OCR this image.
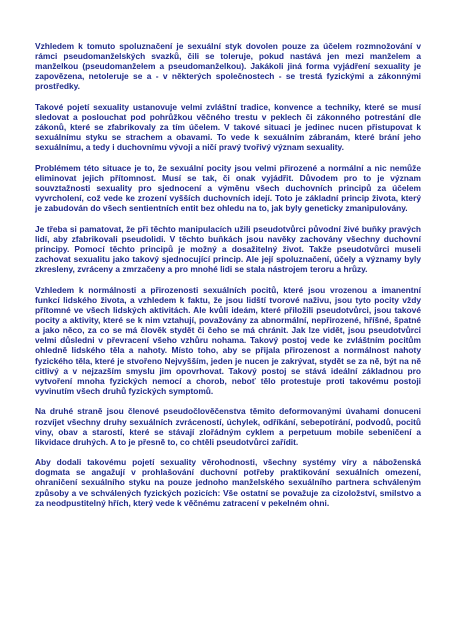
Vzhledem k tomuto spoluznačení je sexuální styk dovolen pouze za účelem rozmnožování v rámci pseudomanželských svazků, čili se toleruje, pokud nastává jen mezi manželem a manželkou (pseudomanželem a pseudomanželkou). Jakákoli jiná forma vyjádření sexuality je zapovězena, netoleruje se a - v některých společnostech - se trestá fyzickými a zákonnými prostředky.

Takové pojetí sexuality ustanovuje velmi zvláštní tradice, konvence a techniky, které se musí sledovat a poslouchat pod pohrůžkou věčného trestu v peklech či zákonného potrestání dle zákonů, které se zfabrikovaly za tím účelem. V takové situaci je jedinec nucen přistupovat k sexuálnímu styku se strachem a obavami. To vede k sexuálním zábranám, které brání jeho sexuálnímu, a tedy i duchovnímu vývoji a ničí pravý tvořivý význam sexuality.

Problémem této situace je to, že sexuální pocity jsou velmi přirozené a normální a nic nemůže eliminovat jejich přítomnost. Musí se tak, či onak vyjádřit. Důvodem pro to je význam souvztažnosti sexuality pro sjednocení a výměnu všech duchovních principů za účelem vyvrcholení, což vede ke zrození vyšších duchovních idejí. Toto je základní princip života, který je zabudován do všech sentientních entit bez ohledu na to, jak byly geneticky zmanipulovány.

Je třeba si pamatovat, že při těchto manipulacích užili pseudotvůrci původní živé buňky pravých lidí, aby zfabrikovali pseudolidi. V těchto buňkách jsou navěky zachovány všechny duchovní principy. Pomocí těchto principů je možný a dosažitelný život. Takže pseudotvůrci museli zachovat sexualitu jako takový sjednocující princip. Ale její spoluznačení, účely a významy byly zkresleny, zvráceny a zmrzačeny a pro mnohé lidi se stala nástrojem teroru a hrůzy.

Vzhledem k normálnosti a přirozenosti sexuálních pocitů, které jsou vrozenou a imanentní funkcí lidského života, a vzhledem k faktu, že jsou lidští tvorové naživu, jsou tyto pocity vždy přítomné ve všech lidských aktivitách. Ale kvůli ideám, které přiložili pseudotvůrci, jsou takové pocity a aktivity, které se k nim vztahují, považovány za abnormální, nepřirozené, hříšné, špatné a jako něco, za co se má člověk stydět či čeho se má chránit. Jak lze vidět, jsou pseudotvůrci velmi důsledni v převracení všeho vzhůru nohama. Takový postoj vede ke zvláštním pocitům ohledně lidského těla a nahoty. Místo toho, aby se přijala přirozenost a normálnost nahoty fyzického těla, které je stvořeno Nejvyšším, jeden je nucen je zakrývat, stydět se za ně, být na ně citlivý a v nejzazším smyslu jim opovrhovat. Takový postoj se stává ideální základnou pro vytvoření mnoha fyzických nemocí a chorob, neboť tělo protestuje proti takovému postoji vyvinutím všech druhů fyzických symptomů.

Na druhé straně jsou členové pseudočlověčenstva těmito deformovanými úvahami donuceni rozvíjet všechny druhy sexuálních zvráceností, úchylek, odříkání, sebepotírání, podvodů, pocitů viny, obav a starostí, které se stávají zlořádným cyklem a perpetuum mobile sebeničení a likvidace druhých. A to je přesně to, co chtěli pseudotvůrci zařídit.

Aby dodali takovému pojetí sexuality věrohodnosti, všechny systémy víry a náboženská dogmata se angažují v prohlašování duchovní potřeby praktikování sexuálních omezení, ohraničení sexuálního styku na pouze jednoho manželského sexuálního partnera schváleným způsoby a ve schválených fyzických pozicích: Vše ostatní se považuje za cizoložství, smilstvo a za neodpustitelný hřích, který vede k věčnému zatracení v pekelném ohni.
